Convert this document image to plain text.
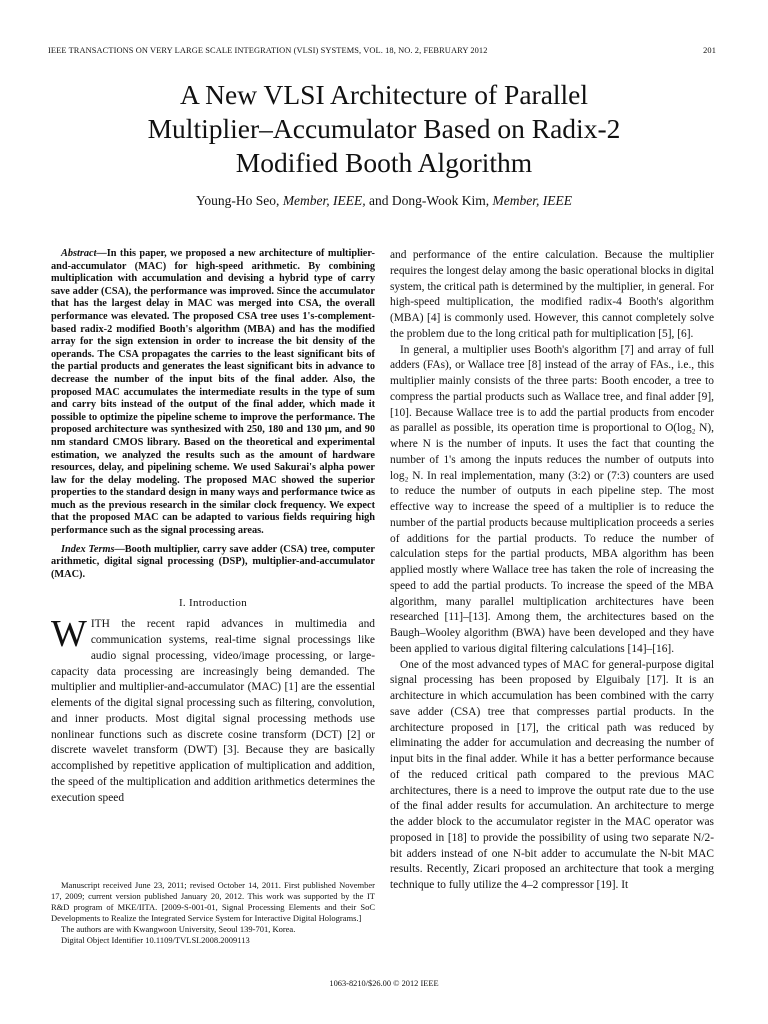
IEEE TRANSACTIONS ON VERY LARGE SCALE INTEGRATION (VLSI) SYSTEMS, VOL. 18, NO. 2, FEBRUARY 2012	201
A New VLSI Architecture of Parallel
Multiplier–Accumulator Based on Radix-2
Modified Booth Algorithm
Young-Ho Seo, Member, IEEE, and Dong-Wook Kim, Member, IEEE

Abstract—In this paper, we proposed a new architecture of multiplier-and-accumulator (MAC) for high-speed arithmetic. By combining multiplication with accumulation and devising a hybrid type of carry save adder (CSA), the performance was improved. Since the accumulator that has the largest delay in MAC was merged into CSA, the overall performance was elevated. The proposed CSA tree uses 1's-complement-based radix-2 modified Booth's algorithm (MBA) and has the modified array for the sign extension in order to increase the bit density of the operands. The CSA propagates the carries to the least significant bits of the partial products and generates the least significant bits in advance to decrease the number of the input bits of the final adder. Also, the proposed MAC accumulates the intermediate results in the type of sum and carry bits instead of the output of the final adder, which made it possible to optimize the pipeline scheme to improve the performance. The proposed architecture was synthesized with 250, 180 and 130 μm, and 90 nm standard CMOS library. Based on the theoretical and experimental estimation, we analyzed the results such as the amount of hardware resources, delay, and pipelining scheme. We used Sakurai's alpha power law for the delay modeling. The proposed MAC showed the superior properties to the standard design in many ways and performance twice as much as the previous research in the similar clock frequency. We expect that the proposed MAC can be adapted to various fields requiring high performance such as the signal processing areas.

Index Terms—Booth multiplier, carry save adder (CSA) tree, computer arithmetic, digital signal processing (DSP), multiplier-and-accumulator (MAC).

I. Introduction

WITH the recent rapid advances in multimedia and communication systems, real-time signal processings like audio signal processing, video/image processing, or large-capacity data processing are increasingly being demanded. The multiplier and multiplier-and-accumulator (MAC) [1] are the essential elements of the digital signal processing such as filtering, convolution, and inner products. Most digital signal processing methods use nonlinear functions such as discrete cosine transform (DCT) [2] or discrete wavelet transform (DWT) [3]. Because they are basically accomplished by repetitive application of multiplication and addition, the speed of the multiplication and addition arithmetics determines the execution speed

Manuscript received June 23, 2011; revised October 14, 2011. First published November 17, 2009; current version published January 20, 2012. This work was supported by the IT R&D program of MKE/IITA. [2009-S-001-01, Signal Processing Elements and their SoC Developments to Realize the Integrated Service System for Interactive Digital Holograms.]

The authors are with Kwangwoon University, Seoul 139-701, Korea.

Digital Object Identifier 10.1109/TVLSI.2008.2009113

and performance of the entire calculation. Because the multiplier requires the longest delay among the basic operational blocks in digital system, the critical path is determined by the multiplier, in general. For high-speed multiplication, the modified radix-4 Booth's algorithm (MBA) [4] is commonly used. However, this cannot completely solve the problem due to the long critical path for multiplication [5], [6].

In general, a multiplier uses Booth's algorithm [7] and array of full adders (FAs), or Wallace tree [8] instead of the array of FAs., i.e., this multiplier mainly consists of the three parts: Booth encoder, a tree to compress the partial products such as Wallace tree, and final adder [9], [10]. Because Wallace tree is to add the partial products from encoder as parallel as possible, its operation time is proportional to O(log₂ N), where N is the number of inputs. It uses the fact that counting the number of 1's among the inputs reduces the number of outputs into log₂ N. In real implementation, many (3:2) or (7:3) counters are used to reduce the number of outputs in each pipeline step. The most effective way to increase the speed of a multiplier is to reduce the number of the partial products because multiplication proceeds a series of additions for the partial products. To reduce the number of calculation steps for the partial products, MBA algorithm has been applied mostly where Wallace tree has taken the role of increasing the speed to add the partial products. To increase the speed of the MBA algorithm, many parallel multiplication architectures have been researched [11]–[13]. Among them, the architectures based on the Baugh–Wooley algorithm (BWA) have been developed and they have been applied to various digital filtering calculations [14]–[16].

One of the most advanced types of MAC for general-purpose digital signal processing has been proposed by Elguibaly [17]. It is an architecture in which accumulation has been combined with the carry save adder (CSA) tree that compresses partial products. In the architecture proposed in [17], the critical path was reduced by eliminating the adder for accumulation and decreasing the number of input bits in the final adder. While it has a better performance because of the reduced critical path compared to the previous MAC architectures, there is a need to improve the output rate due to the use of the final adder results for accumulation. An architecture to merge the adder block to the accumulator register in the MAC operator was proposed in [18] to provide the possibility of using two separate N/2-bit adders instead of one N-bit adder to accumulate the N-bit MAC results. Recently, Zicari proposed an architecture that took a merging technique to fully utilize the 4–2 compressor [19]. It

1063-8210/$26.00 © 2012 IEEE
